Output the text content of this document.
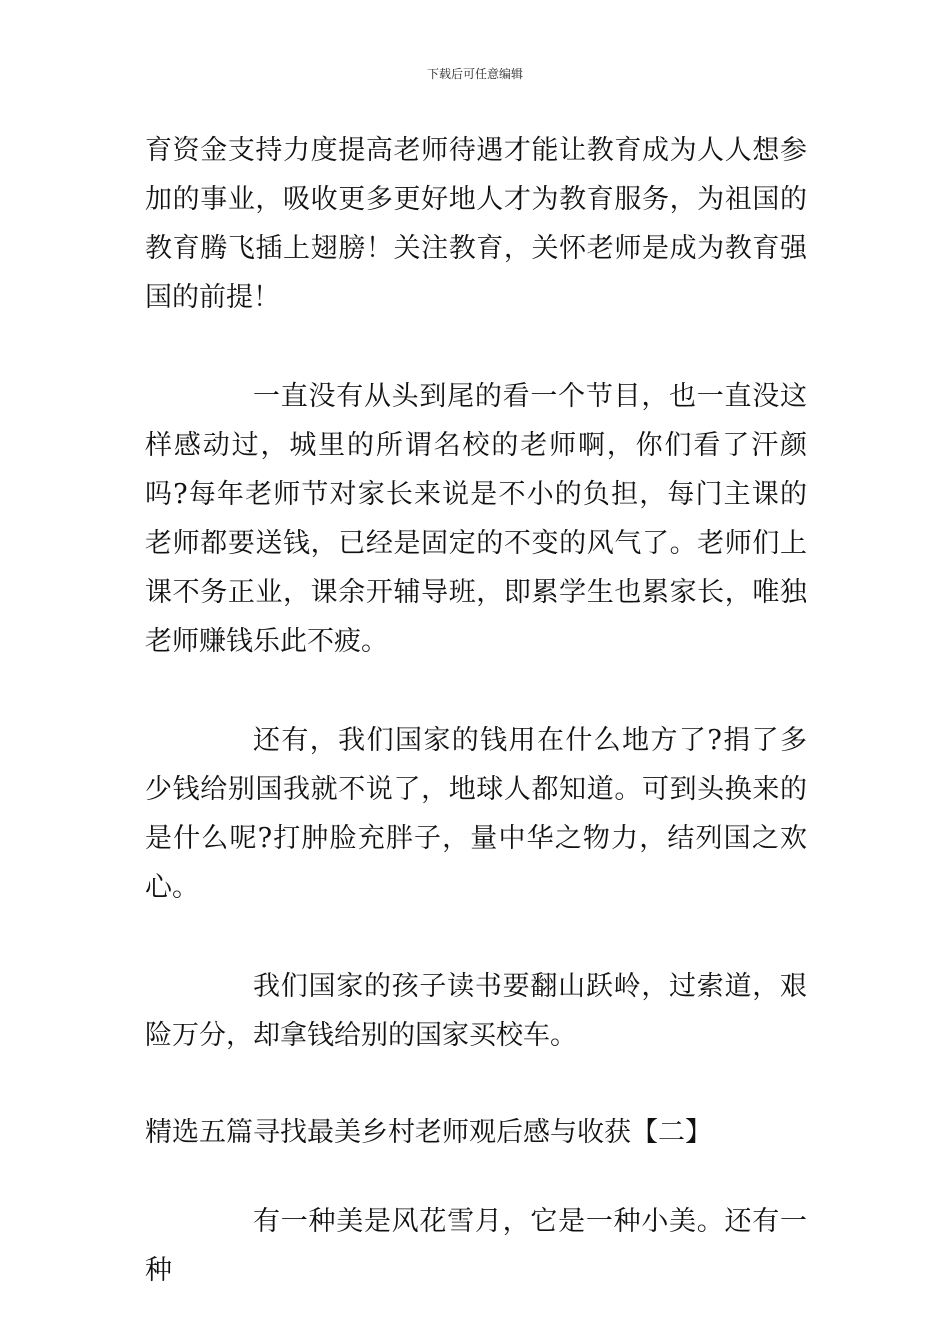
下载后可任意编辑

育资金支持力度提高老师待遇才能让教育成为人人想参加的事业，吸收更多更好地人才为教育服务，为祖国的教育腾飞插上翅膀！关注教育，关怀老师是成为教育强国的前提！

一直没有从头到尾的看一个节目，也一直没这样感动过，城里的所谓名校的老师啊，你们看了汗颜吗?每年老师节对家长来说是不小的负担，每门主课的老师都要送钱，已经是固定的不变的风气了。老师们上课不务正业，课余开辅导班，即累学生也累家长，唯独老师赚钱乐此不疲。

还有，我们国家的钱用在什么地方了?捐了多少钱给别国我就不说了，地球人都知道。可到头换来的是什么呢?打肿脸充胖子，量中华之物力，结列国之欢心。

我们国家的孩子读书要翻山跃岭，过索道，艰险万分，却拿钱给别的国家买校车。

精选五篇寻找最美乡村老师观后感与收获【二】

有一种美是风花雪月，它是一种小美。还有一种
